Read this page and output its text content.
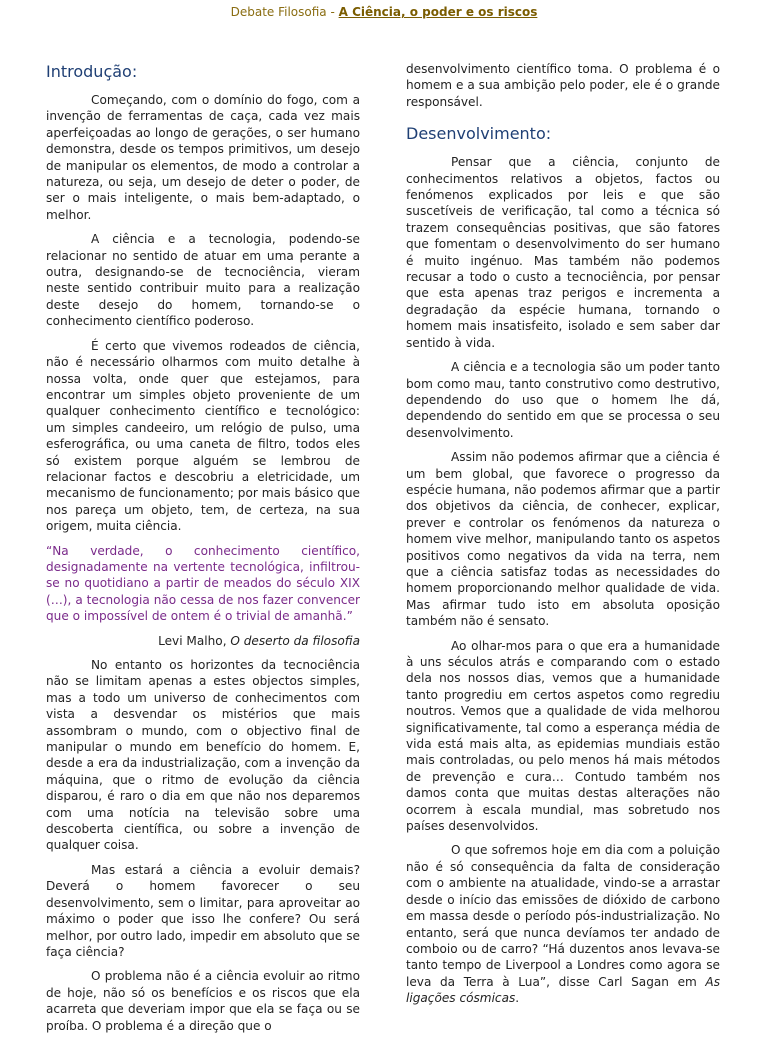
Debate Filosofia - A Ciência, o poder e os riscos
Introdução:

Começando, com o domínio do fogo, com a invenção de ferramentas de caça, cada vez mais aperfeiçoadas ao longo de gerações, o ser humano demonstra, desde os tempos primitivos, um desejo de manipular os elementos, de modo a controlar a natureza, ou seja, um desejo de deter o poder, de ser o mais inteligente, o mais bem-adaptado, o melhor.

A ciência e a tecnologia, podendo-se relacionar no sentido de atuar em uma perante a outra, designando-se de tecnociência, vieram neste sentido contribuir muito para a realização deste desejo do homem, tornando-se o conhecimento científico poderoso.

É certo que vivemos rodeados de ciência, não é necessário olharmos com muito detalhe à nossa volta, onde quer que estejamos, para encontrar um simples objeto proveniente de um qualquer conhecimento científico e tecnológico: um simples candeeiro, um relógio de pulso, uma esferográfica, ou uma caneta de filtro, todos eles só existem porque alguém se lembrou de relacionar factos e descobriu a eletricidade, um mecanismo de funcionamento; por mais básico que nos pareça um objeto, tem, de certeza, na sua origem, muita ciência.

“Na verdade, o conhecimento científico, designadamente na vertente tecnológica, infiltrou-se no quotidiano a partir de meados do século XIX (…), a tecnologia não cessa de nos fazer convencer que o impossível de ontem é o trivial de amanhã.”

Levi Malho, O deserto da filosofia

No entanto os horizontes da tecnociência não se limitam apenas a estes objectos simples, mas a todo um universo de conhecimentos com vista a desvendar os mistérios que mais assombram o mundo, com o objectivo final de manipular o mundo em benefício do homem. E, desde a era da industrialização, com a invenção da máquina, que o ritmo de evolução da ciência disparou, é raro o dia em que não nos deparemos com uma notícia na televisão sobre uma descoberta científica, ou sobre a invenção de qualquer coisa.

Mas estará a ciência a evoluir demais? Deverá o homem favorecer o seu desenvolvimento, sem o limitar, para aproveitar ao máximo o poder que isso lhe confere? Ou será melhor, por outro lado, impedir em absoluto que se faça ciência?

O problema não é a ciência evoluir ao ritmo de hoje, não só os benefícios e os riscos que ela acarreta que deveriam impor que ela se faça ou se proíba. O problema é a direção que o

desenvolvimento científico toma. O problema é o homem e a sua ambição pelo poder, ele é o grande responsável.

Desenvolvimento:

Pensar que a ciência, conjunto de conhecimentos relativos a objetos, factos ou fenómenos explicados por leis e que são suscetíveis de verificação, tal como a técnica só trazem consequências positivas, que são fatores que fomentam o desenvolvimento do ser humano é muito ingénuo. Mas também não podemos recusar a todo o custo a tecnociência, por pensar que esta apenas traz perigos e incrementa a degradação da espécie humana, tornando o homem mais insatisfeito, isolado e sem saber dar sentido à vida.

A ciência e a tecnologia são um poder tanto bom como mau, tanto construtivo como destrutivo, dependendo do uso que o homem lhe dá, dependendo do sentido em que se processa o seu desenvolvimento.

Assim não podemos afirmar que a ciência é um bem global, que favorece o progresso da espécie humana, não podemos afirmar que a partir dos objetivos da ciência, de conhecer, explicar, prever e controlar os fenómenos da natureza o homem vive melhor, manipulando tanto os aspetos positivos como negativos da vida na terra, nem que a ciência satisfaz todas as necessidades do homem proporcionando melhor qualidade de vida. Mas afirmar tudo isto em absoluta oposição também não é sensato.

Ao olhar-mos para o que era a humanidade à uns séculos atrás e comparando com o estado dela nos nossos dias, vemos que a humanidade tanto progrediu em certos aspetos como regrediu noutros. Vemos que a qualidade de vida melhorou significativamente, tal como a esperança média de vida está mais alta, as epidemias mundiais estão mais controladas, ou pelo menos há mais métodos de prevenção e cura… Contudo também nos damos conta que muitas destas alterações não ocorrem à escala mundial, mas sobretudo nos países desenvolvidos.

O que sofremos hoje em dia com a poluição não é só consequência da falta de consideração com o ambiente na atualidade, vindo-se a arrastar desde o início das emissões de dióxido de carbono em massa desde o período pós-industrialização. No entanto, será que nunca devíamos ter andado de comboio ou de carro? “Há duzentos anos levava-se tanto tempo de Liverpool a Londres como agora se leva da Terra à Lua”, disse Carl Sagan em As ligações cósmicas.
